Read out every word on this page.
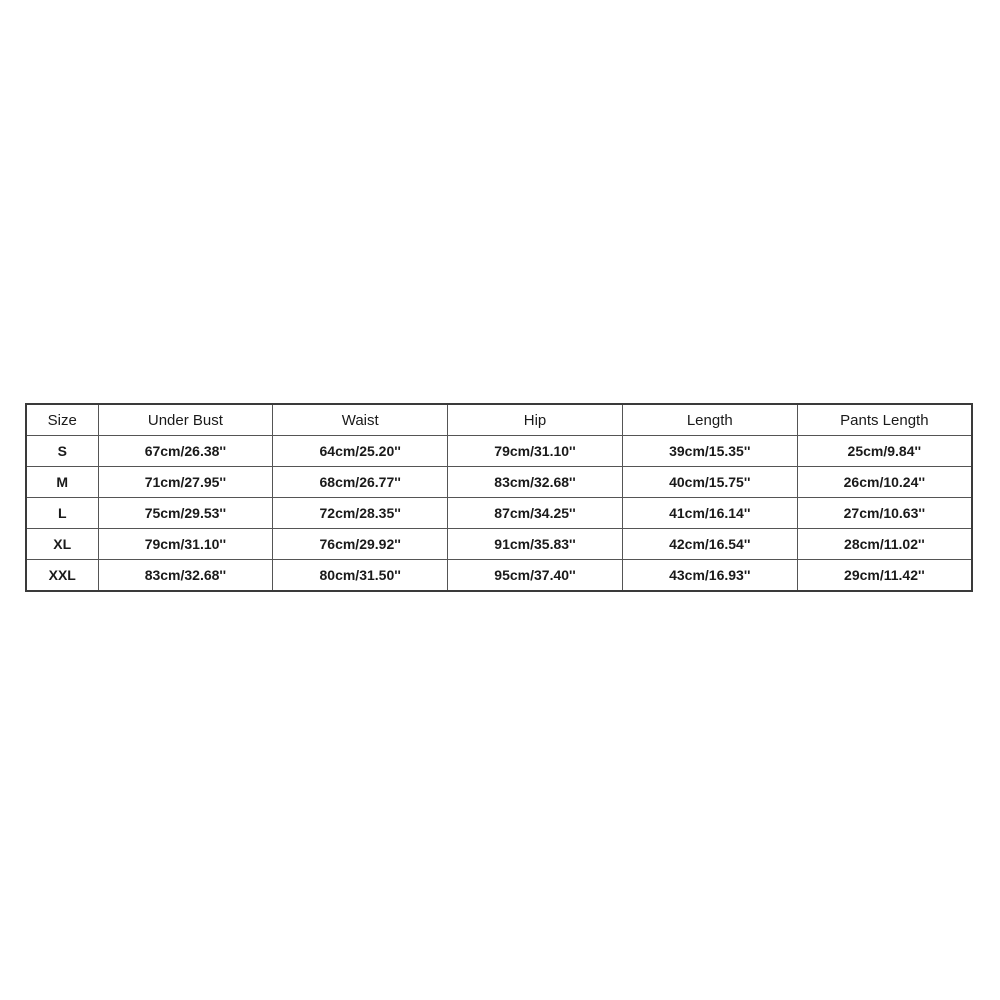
Size	Under Bust	Waist	Hip	Length	Pants Length
S	67cm/26.38''	64cm/25.20''	79cm/31.10''	39cm/15.35''	25cm/9.84''
M	71cm/27.95''	68cm/26.77''	83cm/32.68''	40cm/15.75''	26cm/10.24''
L	75cm/29.53''	72cm/28.35''	87cm/34.25''	41cm/16.14''	27cm/10.63''
XL	79cm/31.10''	76cm/29.92''	91cm/35.83''	42cm/16.54''	28cm/11.02''
XXL	83cm/32.68''	80cm/31.50''	95cm/37.40''	43cm/16.93''	29cm/11.42''
